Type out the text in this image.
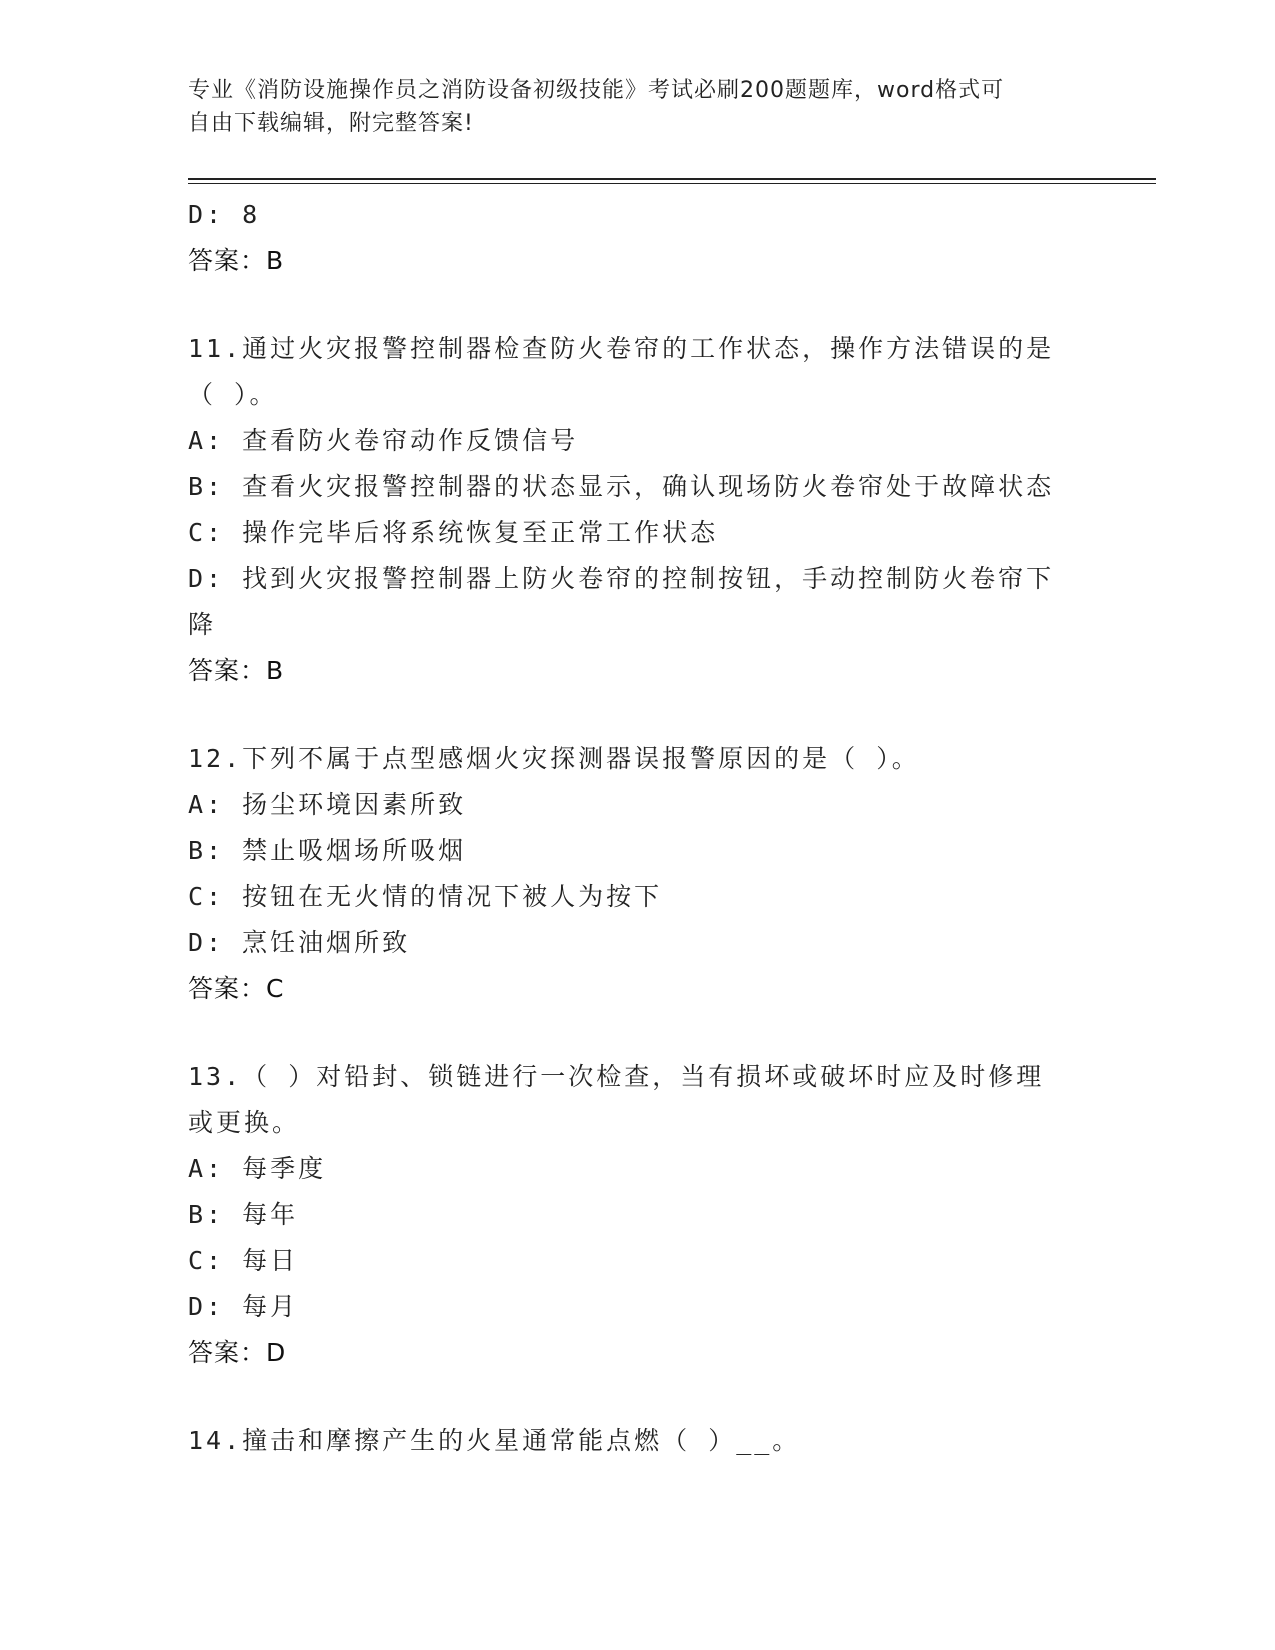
专业《消防设施操作员之消防设备初级技能》考试必刷200题题库，word格式可
自由下载编辑，附完整答案!
D: 8
答案：B
11.通过火灾报警控制器检查防火卷帘的工作状态，操作方法错误的是
（ ）。
A: 查看防火卷帘动作反馈信号
B: 查看火灾报警控制器的状态显示，确认现场防火卷帘处于故障状态
C: 操作完毕后将系统恢复至正常工作状态
D: 找到火灾报警控制器上防火卷帘的控制按钮，手动控制防火卷帘下
降
答案：B
12.下列不属于点型感烟火灾探测器误报警原因的是（ ）。
A: 扬尘环境因素所致
B: 禁止吸烟场所吸烟
C: 按钮在无火情的情况下被人为按下
D: 烹饪油烟所致
答案：C
13.（ ）对铅封、锁链进行一次检查，当有损坏或破坏时应及时修理
或更换。
A: 每季度
B: 每年
C: 每日
D: 每月
答案：D
14.撞击和摩擦产生的火星通常能点燃（ ）__。
